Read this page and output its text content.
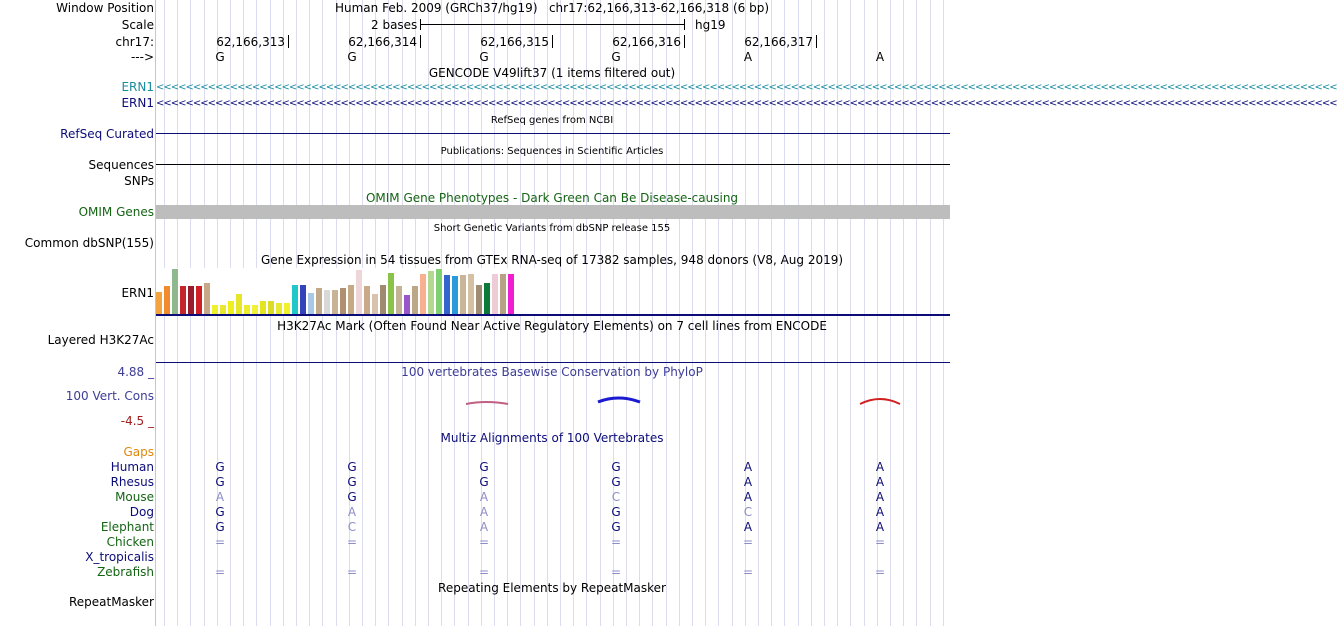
Window Position	Human Feb. 2009 (GRCh37/hg19) chr17:62,166,313-62,166,318 (6 bp)
Scale	2 bases	hg19
chr17:	62,166,313	62,166,314	62,166,315	62,166,316	62,166,317
--->	G	G	G	G	A	A
GENCODE V49lift37 (1 items filtered out)
ERN1 <<<<<<<<<<<<<<<<<<<<<<<<<<<<<<<<<<<<<<<<<<<<<<<<<<<<<<<<<<<<<<<<<<<<<<<<<<<<<<<<<<<<<<<<<<<<<<<<<<<<<<<<<<<<<<<<<<<<<<<<<<<<<<<<<<<<<<<<<<<<<<<<<<<<<<<<<<<<<<<<
ERN1 <<<<<<<<<<<<<<<<<<<<<<<<<<<<<<<<<<<<<<<<<<<<<<<<<<<<<<<<<<<<<<<<<<<<<<<<<<<<<<<<<<<<<<<<<<<<<<<<<<<<<<<<<<<<<<<<<<<<<<<<<<<<<<<<<<<<<<<<<<<<<<<<<<<<<<<<<<<<<<<<
RefSeq genes from NCBI
RefSeq Curated
Publications: Sequences in Scientific Articles
Sequences
SNPs
OMIM Gene Phenotypes - Dark Green Can Be Disease-causing
OMIM Genes
Short Genetic Variants from dbSNP release 155
Common dbSNP(155)
Gene Expression in 54 tissues from GTEx RNA-seq of 17382 samples, 948 donors (V8, Aug 2019)
ERN1
H3K27Ac Mark (Often Found Near Active Regulatory Elements) on 7 cell lines from ENCODE
Layered H3K27Ac
4.88 _	100 vertebrates Basewise Conservation by PhyloP
100 Vert. Cons
-4.5 _
Multiz Alignments of 100 Vertebrates
Gaps
Human	G	G	G	G	A	A
Rhesus	G	G	G	G	A	A
Mouse	A	G	A	C	A	A
Dog	G	A	A	G	C	A
Elephant	G	C	A	G	A	A
Chicken	=	=	=	=	=	=
X_tropicalis
Zebrafish	=	=	=	=	=	=
Repeating Elements by RepeatMasker
RepeatMasker
